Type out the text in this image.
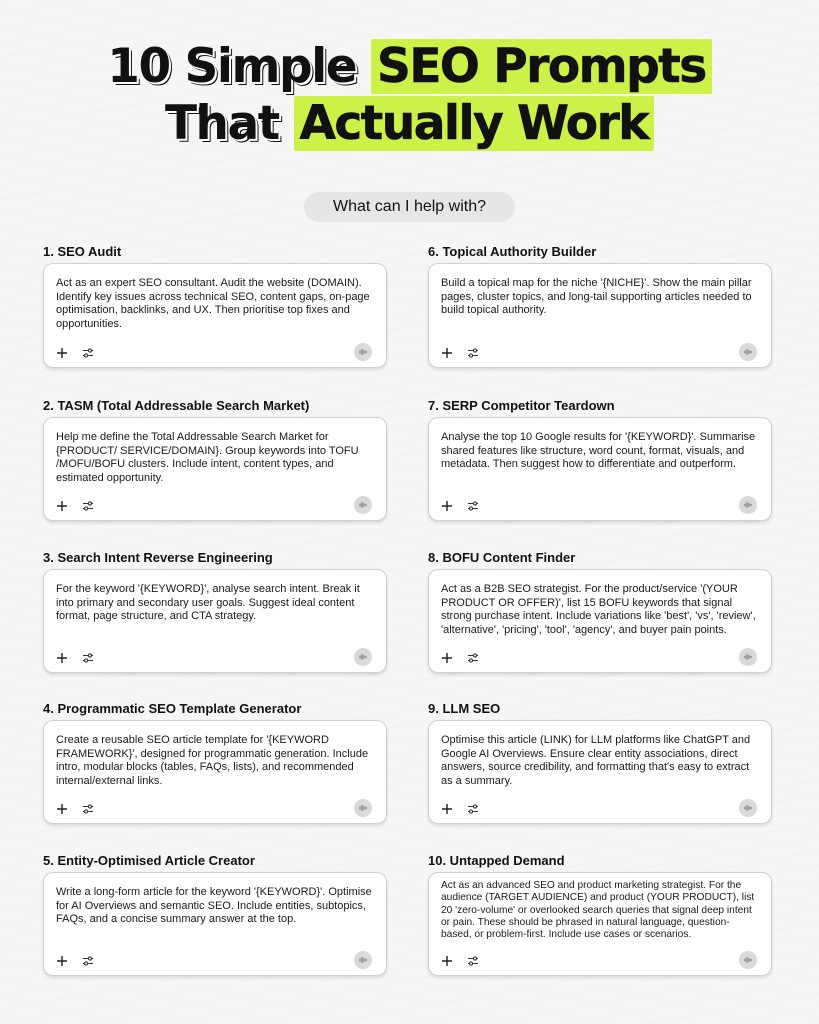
10 Simple SEO Prompts
That Actually Work
What can I help with?
1. SEO Audit
Act as an expert SEO consultant. Audit the website (DOMAIN). Identify key issues across technical SEO, content gaps, on-page optimisation, backlinks, and UX. Then prioritise top fixes and opportunities.
2. TASM (Total Addressable Search Market)
Help me define the Total Addressable Search Market for {PRODUCT/ SERVICE/DOMAIN}. Group keywords into TOFU /MOFU/BOFU clusters. Include intent, content types, and estimated opportunity.
3. Search Intent Reverse Engineering
For the keyword '{KEYWORD}', analyse search intent. Break it into primary and secondary user goals. Suggest ideal content format, page structure, and CTA strategy.
4. Programmatic SEO Template Generator
Create a reusable SEO article template for '{KEYWORD FRAMEWORK}', designed for programmatic generation. Include intro, modular blocks (tables, FAQs, lists), and recommended internal/external links.
5. Entity-Optimised Article Creator
Write a long-form article for the keyword '{KEYWORD}'. Optimise for AI Overviews and semantic SEO. Include entities, subtopics, FAQs, and a concise summary answer at the top.
6. Topical Authority Builder
Build a topical map for the niche '{NICHE}'. Show the main pillar pages, cluster topics, and long-tail supporting articles needed to build topical authority.
7. SERP Competitor Teardown
Analyse the top 10 Google results for '{KEYWORD}'. Summarise shared features like structure, word count, format, visuals, and metadata. Then suggest how to differentiate and outperform.
8. BOFU Content Finder
Act as a B2B SEO strategist. For the product/service '(YOUR PRODUCT OR OFFER)', list 15 BOFU keywords that signal strong purchase intent. Include variations like 'best', 'vs', 'review', 'alternative', 'pricing', 'tool', 'agency', and buyer pain points.
9. LLM SEO
Optimise this article (LINK) for LLM platforms like ChatGPT and Google AI Overviews. Ensure clear entity associations, direct answers, source credibility, and formatting that's easy to extract as a summary.
10. Untapped Demand
Act as an advanced SEO and product marketing strategist. For the audience (TARGET AUDIENCE) and product (YOUR PRODUCT), list 20 'zero-volume' or overlooked search queries that signal deep intent or pain. These should be phrased in natural language, question-based, or problem-first. Include use cases or scenarios.
